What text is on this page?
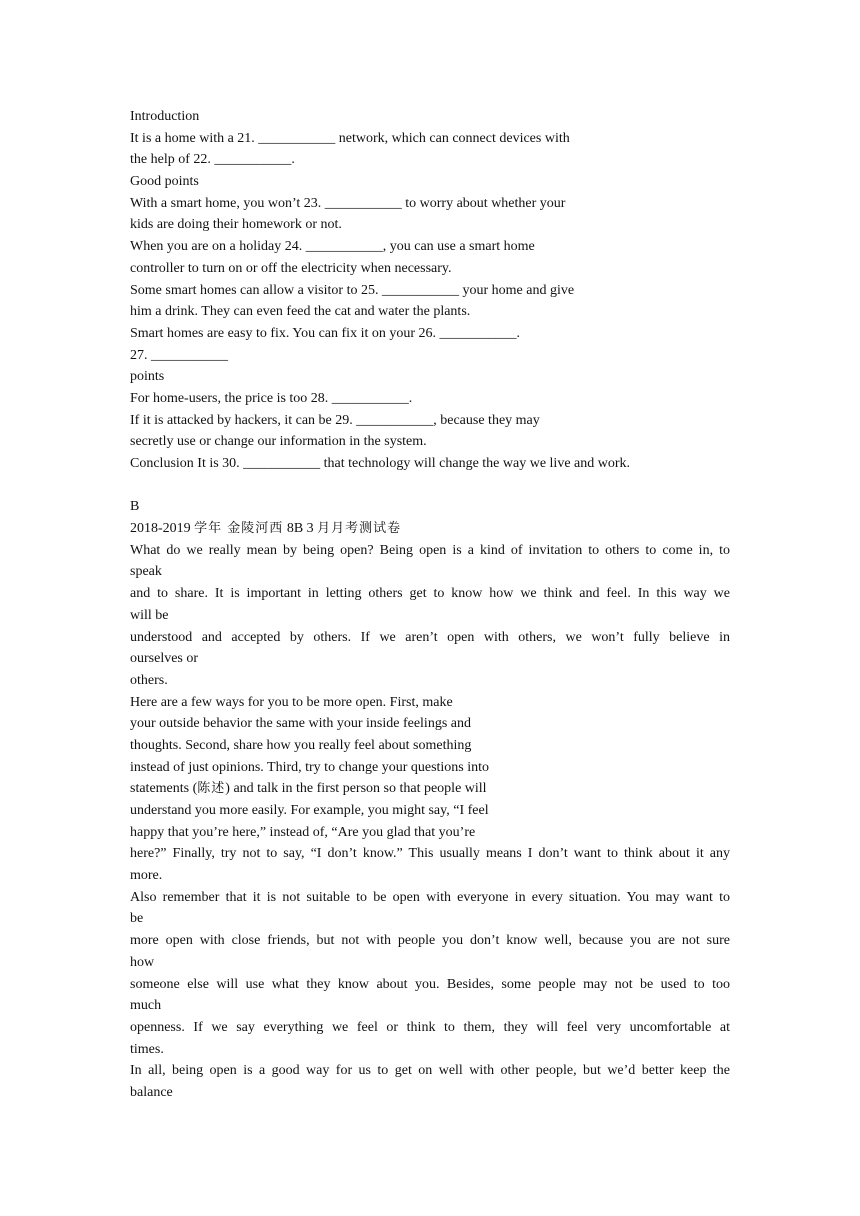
Introduction
It is a home with a 21. ___________ network, which can connect devices with
the help of 22. ___________.
Good points
With a smart home, you won’t 23. ___________ to worry about whether your
kids are doing their homework or not.
When you are on a holiday 24. ___________, you can use a smart home
controller to turn on or off the electricity when necessary.
Some smart homes can allow a visitor to 25. ___________ your home and give
him a drink. They can even feed the cat and water the plants.
Smart homes are easy to fix. You can fix it on your 26. ___________.
27. ___________
points
For home-users, the price is too 28. ___________.
If it is attacked by hackers, it can be 29. ___________, because they may
secretly use or change our information in the system.
Conclusion It is 30. ___________ that technology will change the way we live and work.
B
2018-2019 学年 金陵河西 8B 3 月月考测试卷
What do we really mean by being open? Being open is a kind of invitation to others to come in, to
speak
and to share. It is important in letting others get to know how we think and feel. In this way we
will be
understood and accepted by others. If we aren’t open with others, we won’t fully believe in
ourselves or
others.
Here are a few ways for you to be more open. First, make
your outside behavior the same with your inside feelings and
thoughts. Second, share how you really feel about something
instead of just opinions. Third, try to change your questions into
statements (陈述) and talk in the first person so that people will
understand you more easily. For example, you might say, “I feel
happy that you’re here,” instead of, “Are you glad that you’re
here?” Finally, try not to say, “I don’t know.” This usually means I don’t want to think about it any
more.
Also remember that it is not suitable to be open with everyone in every situation. You may want to
be
more open with close friends, but not with people you don’t know well, because you are not sure
how
someone else will use what they know about you. Besides, some people may not be used to too
much
openness. If we say everything we feel or think to them, they will feel very uncomfortable at
times.
In all, being open is a good way for us to get on well with other people, but we’d better keep the
balance
